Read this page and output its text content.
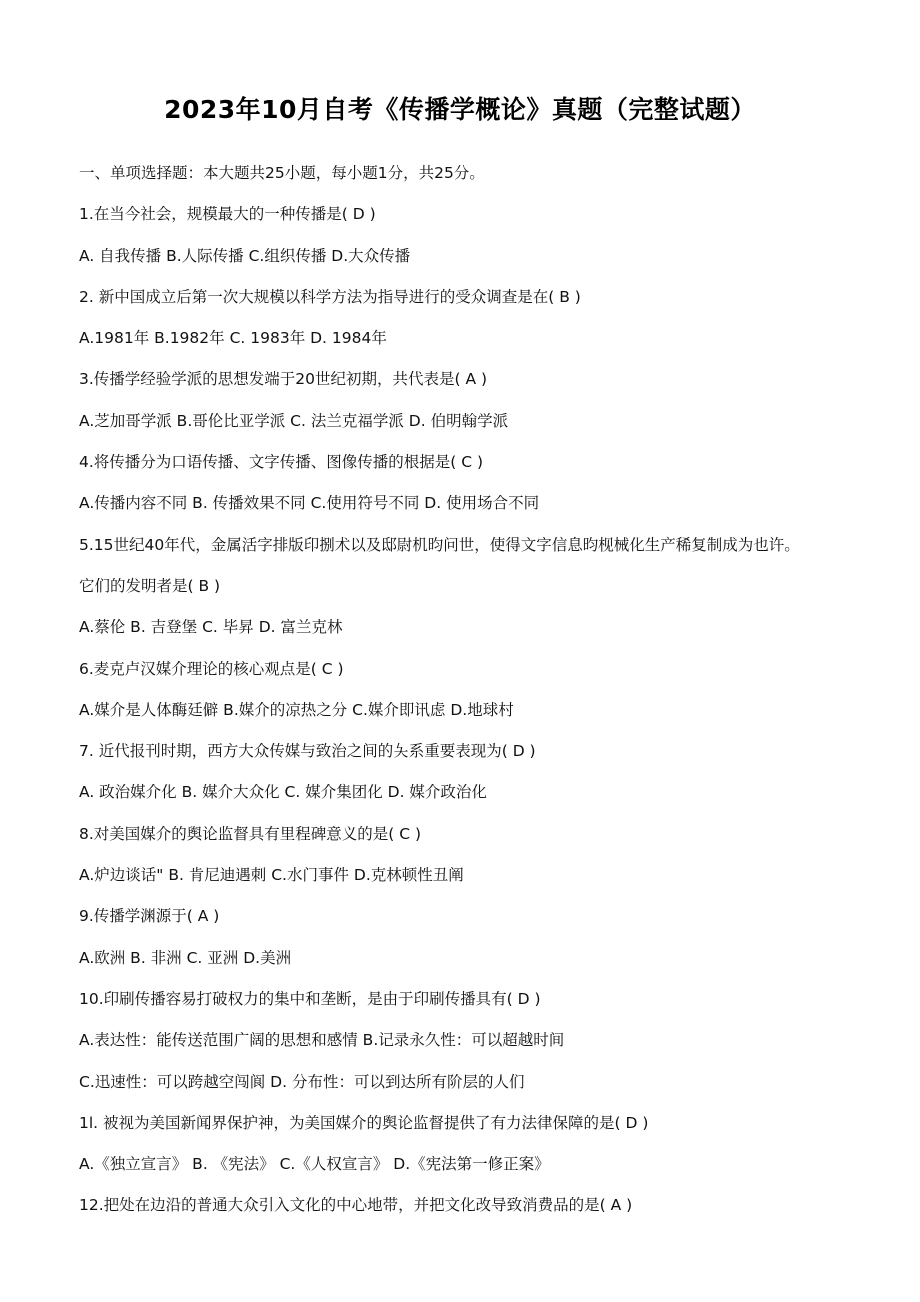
2023年10月自考《传播学概论》真题（完整试题）
一、单项选择题：本大题共25小题，每小题1分，共25分。
1.在当今社会，规模最大的一种传播是( D )
A. 自我传播 B.人际传播 C.组织传播 D.大众传播
2. 新中国成立后第一次大规模以科学方法为指导进行的受众调查是在( B )
A.1981年 B.1982年 C. 1983年 D. 1984年
3.传播学经验学派的思想发端于20世纪初期，共代表是( A )
A.芝加哥学派 B.哥伦比亚学派 C. 法兰克福学派 D. 伯明翰学派
4.将传播分为口语传播、文字传播、图像传播的根据是( C )
A.传播内容不同 B. 传播效果不同 C.使用符号不同 D. 使用场合不同
5.15世纪40年代，金属活字排版印捌术以及邸尉机昀问世，使得文字信息昀枧械化生产稀复制成为也许。
它们的发明者是( B )
A.蔡伦 B. 吉登堡 C. 毕昇 D. 富兰克林
6.麦克卢汉媒介理论的核心观点是( C )
A.媒介是人体酶廷僻 B.媒介的凉热之分 C.媒介即讯虑 D.地球村
7. 近代报刊时期，西方大众传媒与致治之间的夨系重要表现为( D )
A. 政治媒介化 B. 媒介大众化 C. 媒介集团化 D. 媒介政治化
8.对美国媒介的舆论监督具有里程碑意义的是( C )
A.炉边谈话" B. 肯尼迪遇刺 C.水门事件 D.克林顿性丑阐
9.传播学渊源于( A )
A.欧洲 B. 非洲 C. 亚洲 D.美洲
10.印刷传播容易打破权力的集中和垄断，是由于印刷传播具有( D )
A.表达性：能传送范围广阔的思想和感情 B.记录永久性：可以超越时间
C.迅速性：可以跨越空闯阆 D. 分布性：可以到达所有阶层的人们
1l. 被视为美国新闻界保护神，为美国媒介的舆论监督提供了有力法律保障的是( D )
A.《独立宣言》 B. 《宪法》 C.《人权宣言》 D.《宪法第一修正案》
12.把处在边沿的普通大众引入文化的中心地带，并把文化改导致消费品的是( A )
